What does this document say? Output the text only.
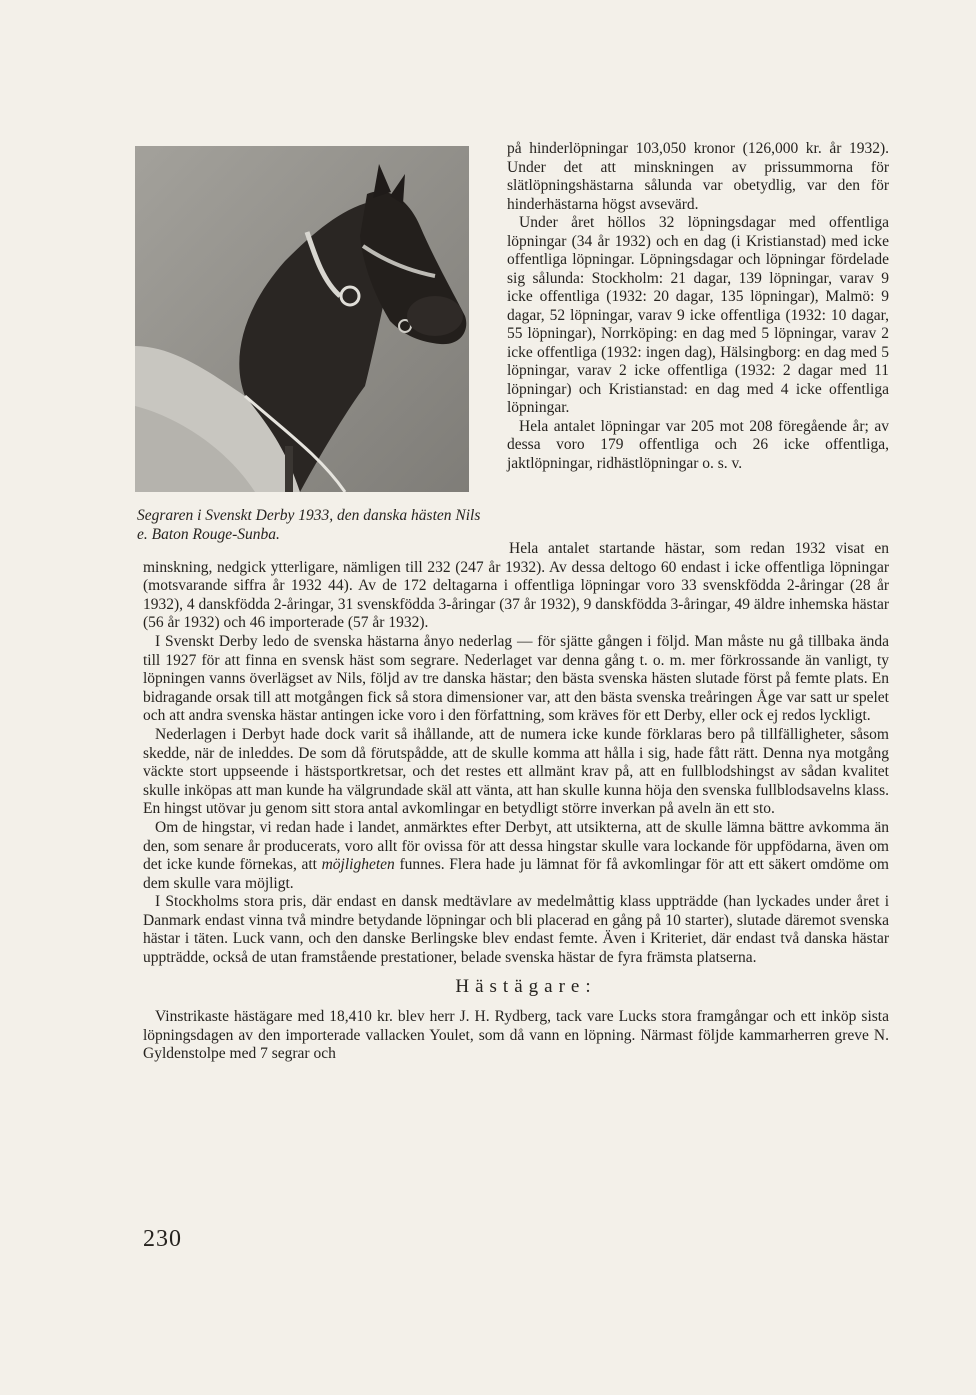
Segraren i Svenskt Derby 1933, den danska hästen Nils e. Baton Rouge-Sunba.

på hinderlöpningar 103,050 kronor (126,000 kr. år 1932). Under det att minskningen av prissummorna för slätlöpningshästarna sålunda var obetydlig, var den för hinderhästarna högst avsevärd.

Under året höllos 32 löpningsdagar med offentliga löpningar (34 år 1932) och en dag (i Kristianstad) med icke offentliga löpningar. Löpningsdagar och löpningar fördelade sig sålunda: Stockholm: 21 dagar, 139 löpningar, varav 9 icke offentliga (1932: 20 dagar, 135 löpningar), Malmö: 9 dagar, 52 löpningar, varav 9 icke offentliga (1932: 10 dagar, 55 löpningar), Norrköping: en dag med 5 löpningar, varav 2 icke offentliga (1932: ingen dag), Hälsingborg: en dag med 5 löpningar, varav 2 icke offentliga (1932: 2 dagar med 11 löpningar) och Kristianstad: en dag med 4 icke offentliga löpningar.

Hela antalet löpningar var 205 mot 208 föregående år; av dessa voro 179 offentliga och 26 icke offentliga, jaktlöpningar, ridhästlöpningar o. s. v.

Hela antalet startande hästar, som redan 1932 visat en minskning, nedgick ytterligare, nämligen till 232 (247 år 1932). Av dessa deltogo 60 endast i icke offentliga löpningar (motsvarande siffra år 1932 44). Av de 172 deltagarna i offentliga löpningar voro 33 svenskfödda 2-åringar (28 år 1932), 4 danskfödda 2-åringar, 31 svenskfödda 3-åringar (37 år 1932), 9 danskfödda 3-åringar, 49 äldre inhemska hästar (56 år 1932) och 46 importerade (57 år 1932).

I Svenskt Derby ledo de svenska hästarna ånyo nederlag — för sjätte gången i följd. Man måste nu gå tillbaka ända till 1927 för att finna en svensk häst som segrare. Nederlaget var denna gång t. o. m. mer förkrossande än vanligt, ty löpningen vanns överlägset av Nils, följd av tre danska hästar; den bästa svenska hästen slutade först på femte plats. En bidragande orsak till att motgången fick så stora dimensioner var, att den bästa svenska treåringen Åge var satt ur spelet och att andra svenska hästar antingen icke voro i den författning, som kräves för ett Derby, eller ock ej redos lyckligt.

Nederlagen i Derbyt hade dock varit så ihållande, att de numera icke kunde förklaras bero på tillfälligheter, såsom skedde, när de inleddes. De som då förutspådde, att de skulle komma att hålla i sig, hade fått rätt. Denna nya motgång väckte stort uppseende i hästsportkretsar, och det restes ett allmänt krav på, att en fullblodshingst av sådan kvalitet skulle inköpas att man kunde ha välgrundade skäl att vänta, att han skulle kunna höja den svenska fullblodsavelns klass. En hingst utövar ju genom sitt stora antal avkomlingar en betydligt större inverkan på aveln än ett sto.

Om de hingstar, vi redan hade i landet, anmärktes efter Derbyt, att utsikterna, att de skulle lämna bättre avkomma än den, som senare år producerats, voro allt för ovissa för att dessa hingstar skulle vara lockande för uppfödarna, även om det icke kunde förnekas, att möjligheten funnes. Flera hade ju lämnat för få avkomlingar för att ett säkert omdöme om dem skulle vara möjligt.

I Stockholms stora pris, där endast en dansk medtävlare av medelmåttig klass uppträdde (han lyckades under året i Danmark endast vinna två mindre betydande löpningar och bli placerad en gång på 10 starter), slutade däremot svenska hästar i täten. Luck vann, och den danske Berlingske blev endast femte. Även i Kriteriet, där endast två danska hästar uppträdde, också de utan framstående prestationer, belade svenska hästar de fyra främsta platserna.

Hästägare:

Vinstrikaste hästägare med 18,410 kr. blev herr J. H. Rydberg, tack vare Lucks stora framgångar och ett inköp sista löpningsdagen av den importerade vallacken Youlet, som då vann en löpning. Närmast följde kammarherren greve N. Gyldenstolpe med 7 segrar och

230
